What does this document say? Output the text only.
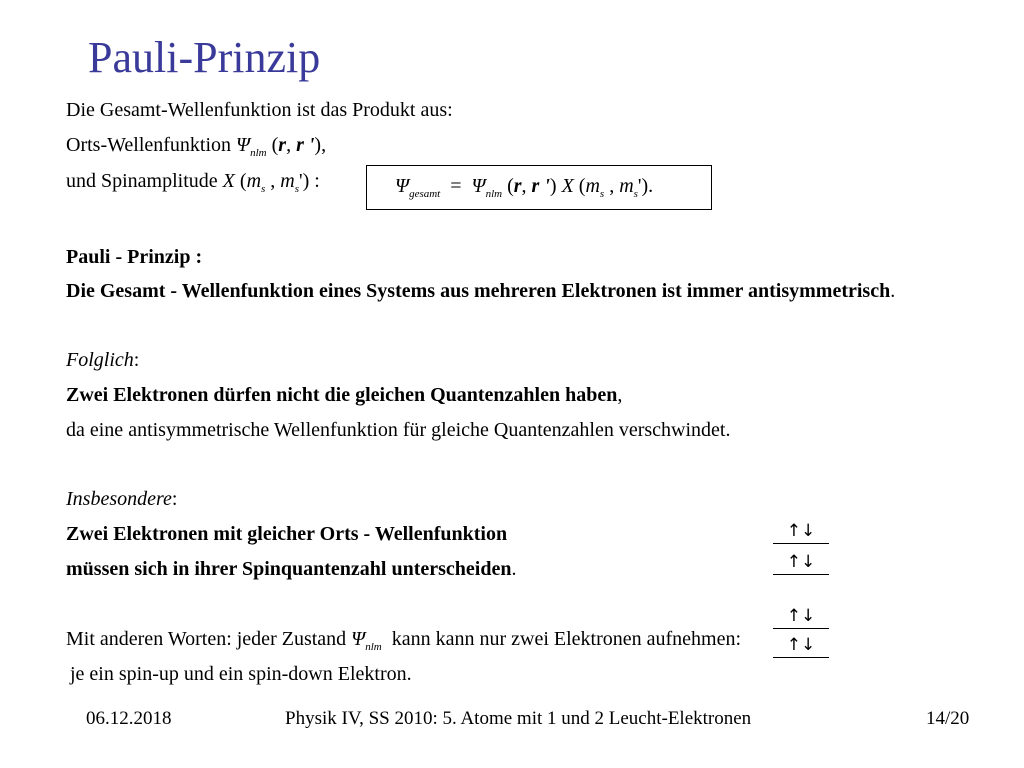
Pauli-Prinzip
Die Gesamt-Wellenfunktion ist das Produkt aus:
Orts-Wellenfunktion $\Psi_{nlm}$ (r, r '),
und Spinamplitude X ($m_s$ , $m_s'$) :	$\Psi_{gesamt} = \Psi_{nlm}$ (r, r ') X ($m_s$ , $m_s'$).
Pauli - Prinzip :
Die Gesamt - Wellenfunktion eines Systems aus mehreren Elektronen ist immer antisymmetrisch.
Folglich:
Zwei Elektronen dürfen nicht die gleichen Quantenzahlen haben,
da eine antisymmetrische Wellenfunktion für gleiche Quantenzahlen verschwindet.
Insbesondere:
Zwei Elektronen mit gleicher Orts - Wellenfunktion
müssen sich in ihrer Spinquantenzahl unterscheiden.
Mit anderen Worten: jeder Zustand $\Psi_{nlm}$ kann kann nur zwei Elektronen aufnehmen:
je ein spin-up und ein spin-down Elektron.
↑↓
↑↓
↑↓
↑↓
06.12.2018	Physik IV, SS 2010: 5. Atome mit 1 und 2 Leucht-Elektronen	14/20
